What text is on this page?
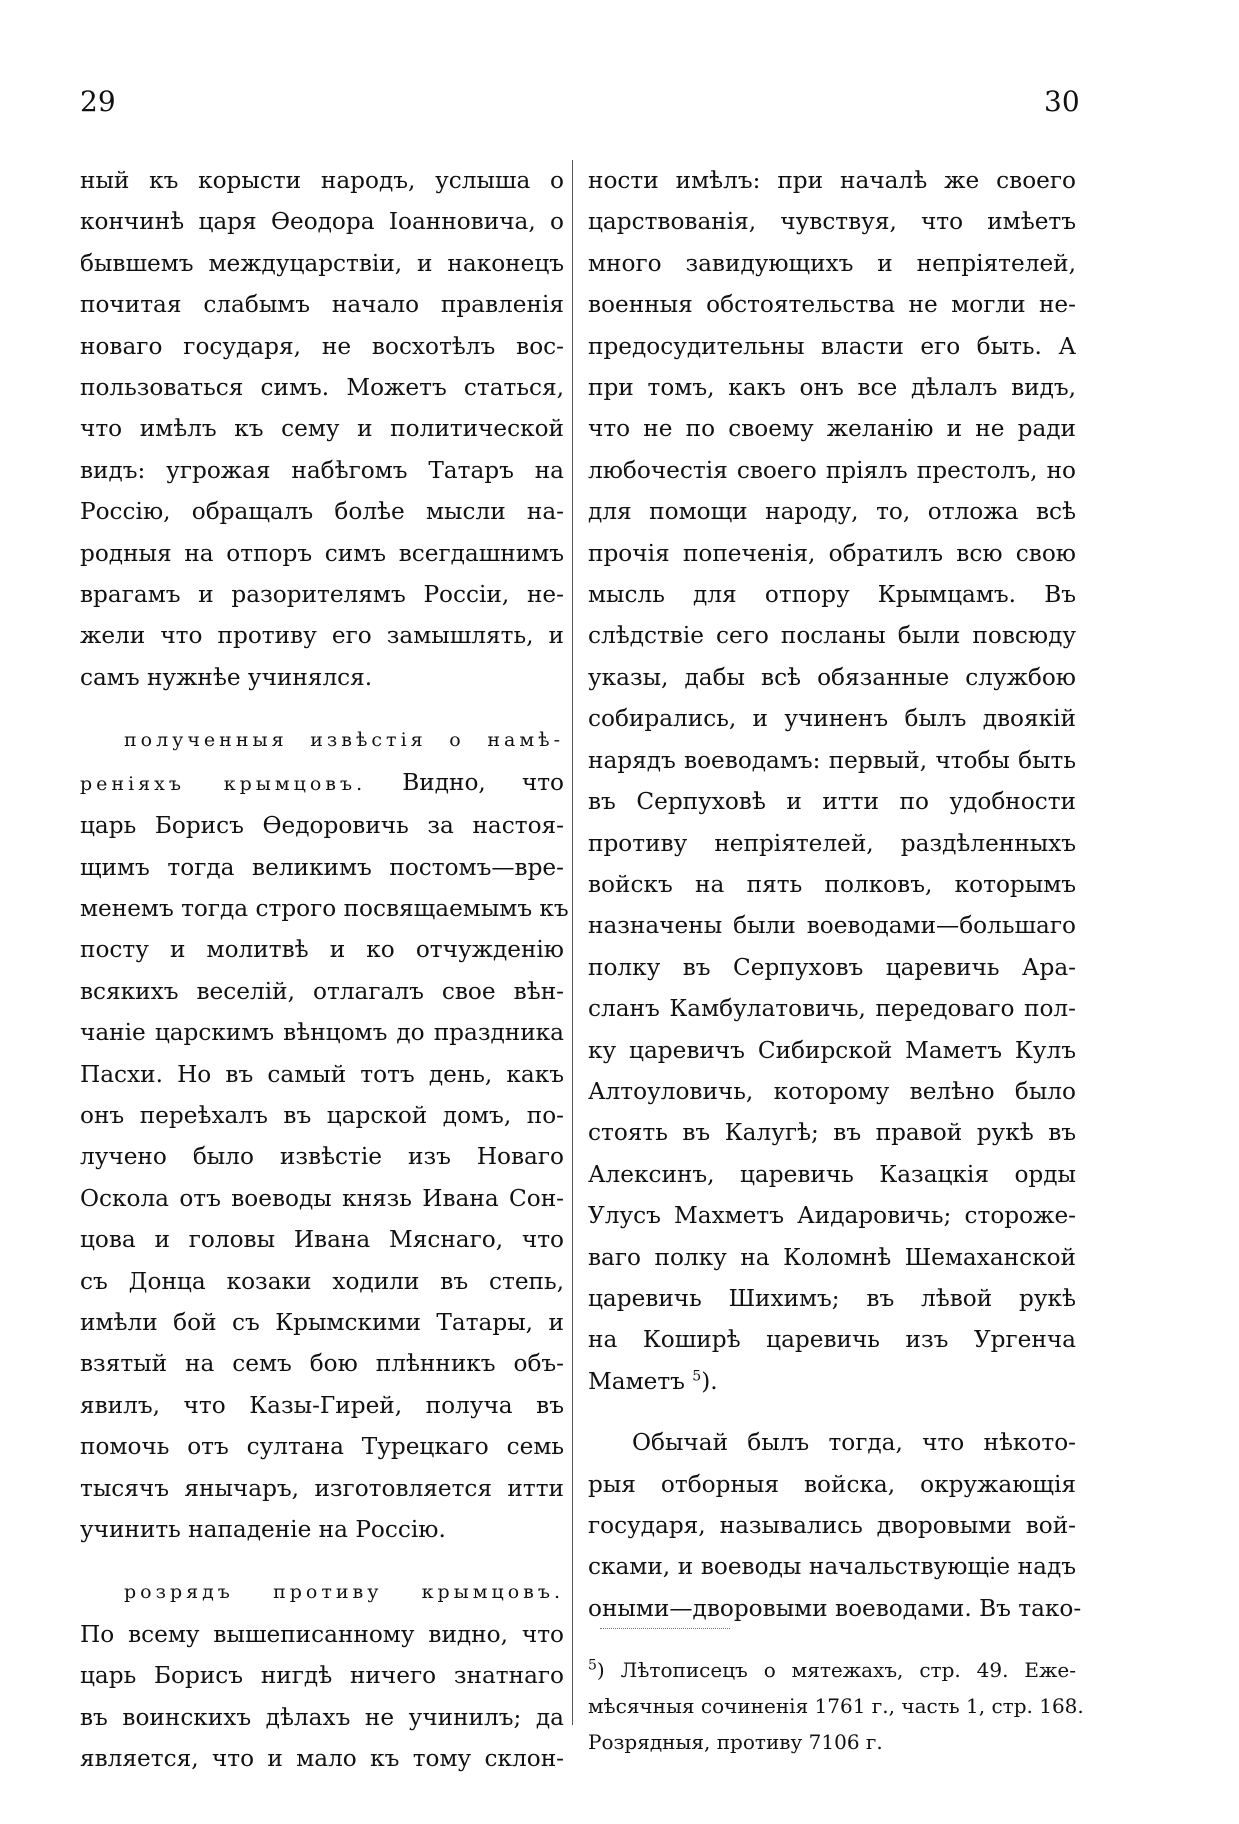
29	30
ный къ корысти народъ, услыша о
кончинѣ царя Ѳеодора Іоанновича, о
бывшемъ междуцарствіи, и наконецъ
почитая слабымъ начало правленія
новаго государя, не восхотѣлъ вос-
пользоваться симъ. Можетъ статься,
что имѣлъ къ сему и политической
видъ: угрожая набѣгомъ Татаръ на
Россію, обращалъ болѣе мысли на-
родныя на отпоръ симъ всегдашнимъ
врагамъ и разорителямъ Россіи, не-
жели что противу его замышлять, и
самъ нужнѣе учинялся.
полученныя извѣстія о намѣ-
реніяхъ крымцовъ. Видно, что
царь Борисъ Ѳедоровичь за настоя-
щимъ тогда великимъ постомъ—вре-
менемъ тогда строго посвящаемымъ къ
посту и молитвѣ и ко отчужденію
всякихъ веселій, отлагалъ свое вѣн-
чаніе царскимъ вѣнцомъ до праздника
Пасхи. Но въ самый тотъ день, какъ
онъ переѣхалъ въ царской домъ, по-
лучено было извѣстіе изъ Новаго
Оскола отъ воеводы князь Ивана Сон-
цова и головы Ивана Мяснаго, что
съ Донца козаки ходили въ степь,
имѣли бой съ Крымскими Татары, и
взятый на семъ бою плѣнникъ объ-
явилъ, что Казы-Гирей, получа въ
помочь отъ султана Турецкаго семь
тысячъ янычаръ, изготовляется итти
учинить нападеніе на Россію.
розрядъ противу крымцовъ.
По всему вышеписанному видно, что
царь Борисъ нигдѣ ничего знатнаго
въ воинскихъ дѣлахъ не учинилъ; да
является, что и мало къ тому склон-
ности имѣлъ: при началѣ же своего
царствованія, чувствуя, что имѣетъ
много завидующихъ и непріятелей,
военныя обстоятельства не могли не-
предосудительны власти его быть. А
при томъ, какъ онъ все дѣлалъ видъ,
что не по своему желанію и не ради
любочестія своего пріялъ престолъ, но
для помощи народу, то, отложа всѣ
прочія попеченія, обратилъ всю свою
мысль для отпору Крымцамъ. Въ
слѣдствіе сего посланы были повсюду
указы, дабы всѣ обязанные службою
собирались, и учиненъ былъ двоякій
нарядъ воеводамъ: первый, чтобы быть
въ Серпуховѣ и итти по удобности
противу непріятелей, раздѣленныхъ
войскъ на пять полковъ, которымъ
назначены были воеводами—большаго
полку въ Серпуховъ царевичь Ара-
сланъ Камбулатовичь, передоваго пол-
ку царевичъ Сибирской Маметъ Кулъ
Алтоуловичь, которому велѣно было
стоять въ Калугѣ; въ правой рукѣ въ
Алексинъ, царевичь Казацкія орды
Улусъ Махметъ Аидаровичь; стороже-
ваго полку на Коломнѣ Шемаханской
царевичь Шихимъ; въ лѣвой рукѣ
на Коширѣ царевичь изъ Ургенча
Маметъ $^5$).
Обычай былъ тогда, что нѣкото-
рыя отборныя войска, окружающія
государя, назывались дворовыми вой-
сками, и воеводы начальствующіе надъ
оными—дворовыми воеводами. Въ тако-
$^5$) Лѣтописецъ о мятежахъ, стр. 49. Еже-
мѣсячныя сочиненія 1761 г., часть 1, стр. 168.
Розрядныя, противу 7106 г.
